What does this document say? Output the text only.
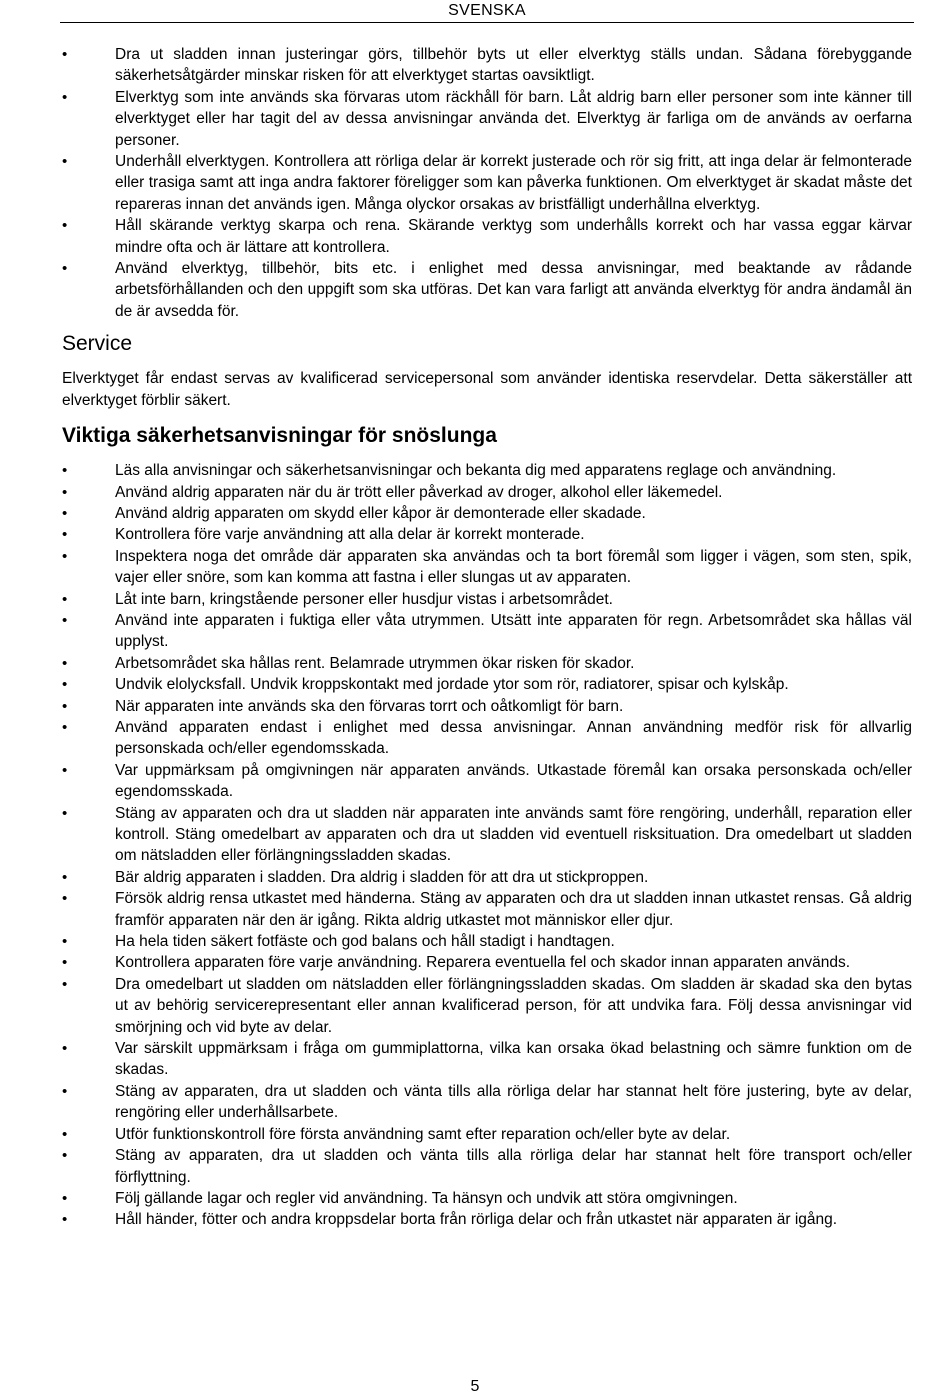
SVENSKA
•	Dra ut sladden innan justeringar görs, tillbehör byts ut eller elverktyg ställs undan. Sådana förebyggande säkerhetsåtgärder minskar risken för att elverktyget startas oavsiktligt.
•	Elverktyg som inte används ska förvaras utom räckhåll för barn. Låt aldrig barn eller personer som inte känner till elverktyget eller har tagit del av dessa anvisningar använda det. Elverktyg är farliga om de används av oerfarna personer.
•	Underhåll elverktygen. Kontrollera att rörliga delar är korrekt justerade och rör sig fritt, att inga delar är felmonterade eller trasiga samt att inga andra faktorer föreligger som kan påverka funktionen. Om elverktyget är skadat måste det repareras innan det används igen. Många olyckor orsakas av bristfälligt underhållna elverktyg.
•	Håll skärande verktyg skarpa och rena. Skärande verktyg som underhålls korrekt och har vassa eggar kärvar mindre ofta och är lättare att kontrollera.
•	Använd elverktyg, tillbehör, bits etc. i enlighet med dessa anvisningar, med beaktande av rådande arbetsförhållanden och den uppgift som ska utföras. Det kan vara farligt att använda elverktyg för andra ändamål än de är avsedda för.
Service

Elverktyget får endast servas av kvalificerad servicepersonal som använder identiska reservdelar. Detta säkerställer att elverktyget förblir säkert.

Viktiga säkerhetsanvisningar för snöslunga
•	Läs alla anvisningar och säkerhetsanvisningar och bekanta dig med apparatens reglage och användning.
•	Använd aldrig apparaten när du är trött eller påverkad av droger, alkohol eller läkemedel.
•	Använd aldrig apparaten om skydd eller kåpor är demonterade eller skadade.
•	Kontrollera före varje användning att alla delar är korrekt monterade.
•	Inspektera noga det område där apparaten ska användas och ta bort föremål som ligger i vägen, som sten, spik, vajer eller snöre, som kan komma att fastna i eller slungas ut av apparaten.
•	Låt inte barn, kringstående personer eller husdjur vistas i arbetsområdet.
•	Använd inte apparaten i fuktiga eller våta utrymmen. Utsätt inte apparaten för regn. Arbetsområdet ska hållas väl upplyst.
•	Arbetsområdet ska hållas rent. Belamrade utrymmen ökar risken för skador.
•	Undvik elolycksfall. Undvik kroppskontakt med jordade ytor som rör, radiatorer, spisar och kylskåp.
•	När apparaten inte används ska den förvaras torrt och oåtkomligt för barn.
•	Använd apparaten endast i enlighet med dessa anvisningar. Annan användning medför risk för allvarlig personskada och/eller egendomsskada.
•	Var uppmärksam på omgivningen när apparaten används. Utkastade föremål kan orsaka personskada och/eller egendomsskada.
•	Stäng av apparaten och dra ut sladden när apparaten inte används samt före rengöring, underhåll, reparation eller kontroll. Stäng omedelbart av apparaten och dra ut sladden vid eventuell risksituation. Dra omedelbart ut sladden om nätsladden eller förlängningssladden skadas.
•	Bär aldrig apparaten i sladden. Dra aldrig i sladden för att dra ut stickproppen.
•	Försök aldrig rensa utkastet med händerna. Stäng av apparaten och dra ut sladden innan utkastet rensas. Gå aldrig framför apparaten när den är igång. Rikta aldrig utkastet mot människor eller djur.
•	Ha hela tiden säkert fotfäste och god balans och håll stadigt i handtagen.
•	Kontrollera apparaten före varje användning. Reparera eventuella fel och skador innan apparaten används.
•	Dra omedelbart ut sladden om nätsladden eller förlängningssladden skadas. Om sladden är skadad ska den bytas ut av behörig servicerepresentant eller annan kvalificerad person, för att undvika fara. Följ dessa anvisningar vid smörjning och vid byte av delar.
•	Var särskilt uppmärksam i fråga om gummiplattorna, vilka kan orsaka ökad belastning och sämre funktion om de skadas.
•	Stäng av apparaten, dra ut sladden och vänta tills alla rörliga delar har stannat helt före justering, byte av delar, rengöring eller underhållsarbete.
•	Utför funktionskontroll före första användning samt efter reparation och/eller byte av delar.
•	Stäng av apparaten, dra ut sladden och vänta tills alla rörliga delar har stannat helt före transport och/eller förflyttning.
•	Följ gällande lagar och regler vid användning. Ta hänsyn och undvik att störa omgivningen.
•	Håll händer, fötter och andra kroppsdelar borta från rörliga delar och från utkastet när apparaten är igång.
5
